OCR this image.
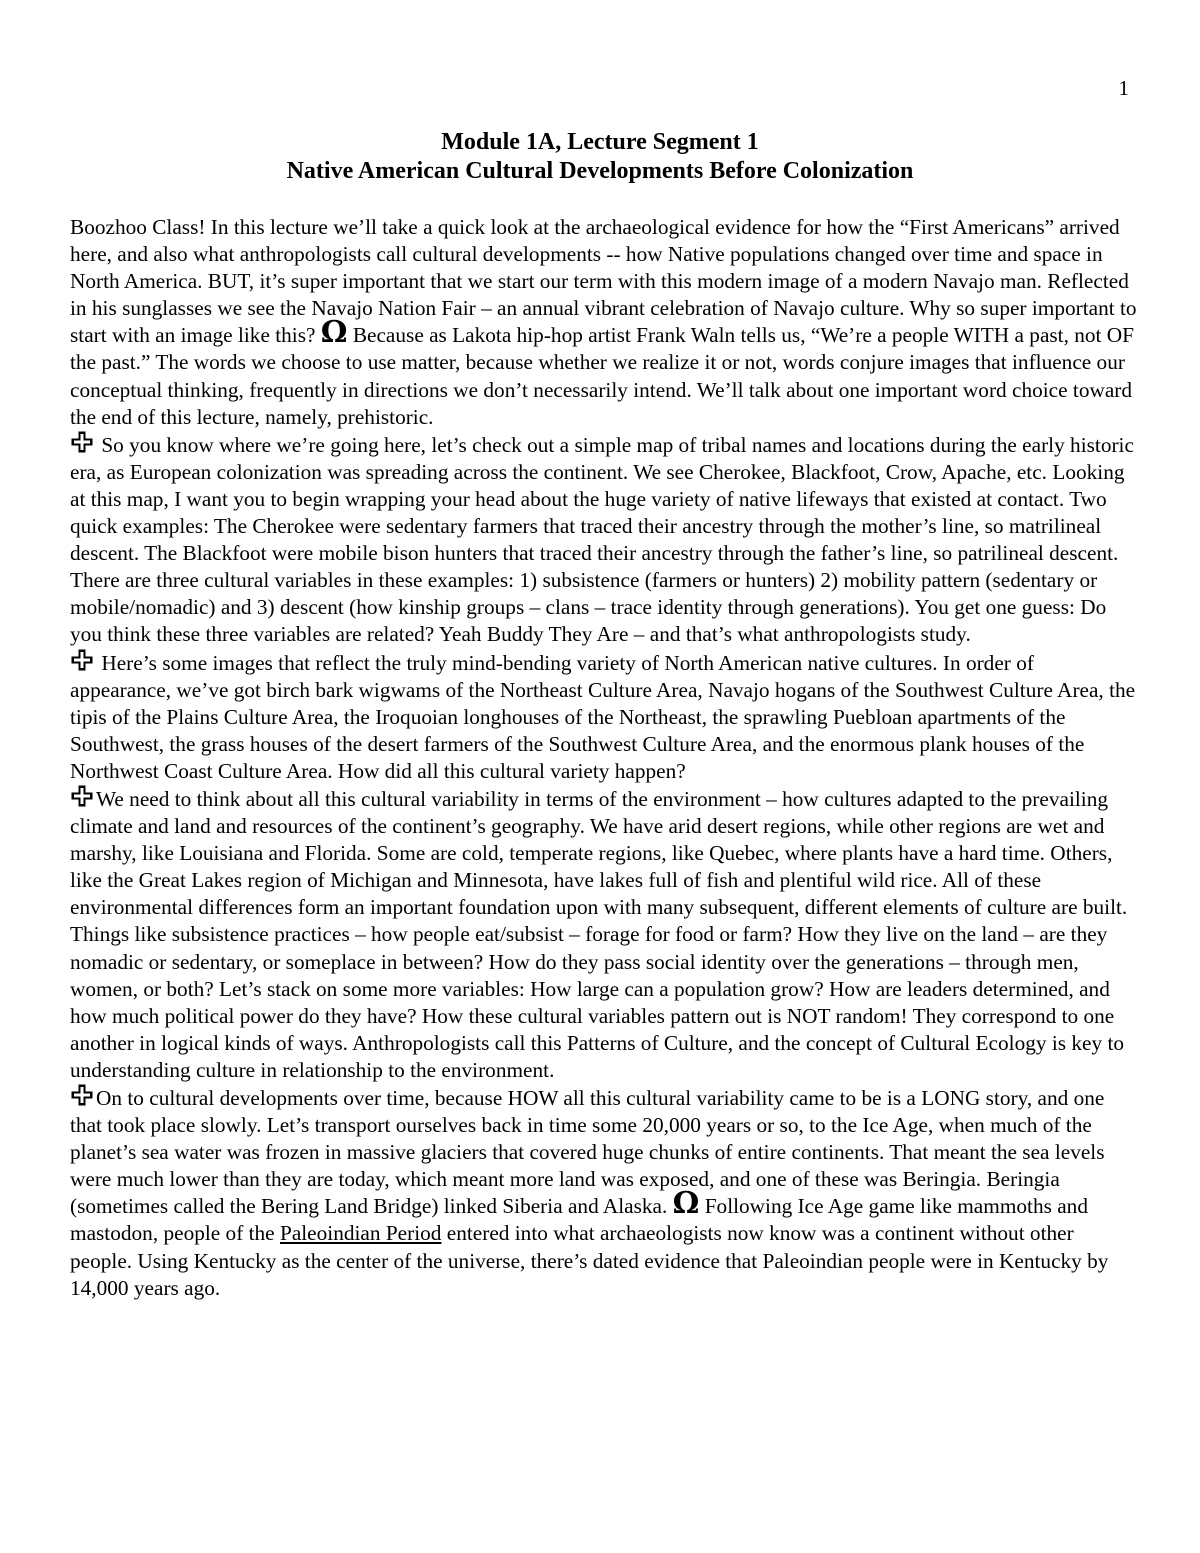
1
Module 1A, Lecture Segment 1
Native American Cultural Developments Before Colonization

Boozhoo Class! In this lecture we’ll take a quick look at the archaeological evidence for how the “First Americans” arrived here, and also what anthropologists call cultural developments -- how Native populations changed over time and space in North America. BUT, it’s super important that we start our term with this modern image of a modern Navajo man. Reflected in his sunglasses we see the Navajo Nation Fair – an annual vibrant celebration of Navajo culture. Why so super important to start with an image like this? Ω Because as Lakota hip-hop artist Frank Waln tells us, “We’re a people WITH a past, not OF the past.” The words we choose to use matter, because whether we realize it or not, words conjure images that influence our conceptual thinking, frequently in directions we don’t necessarily intend. We’ll talk about one important word choice toward the end of this lecture, namely, prehistoric.

So you know where we’re going here, let’s check out a simple map of tribal names and locations during the early historic era, as European colonization was spreading across the continent. We see Cherokee, Blackfoot, Crow, Apache, etc. Looking at this map, I want you to begin wrapping your head about the huge variety of native lifeways that existed at contact. Two quick examples: The Cherokee were sedentary farmers that traced their ancestry through the mother’s line, so matrilineal descent. The Blackfoot were mobile bison hunters that traced their ancestry through the father’s line, so patrilineal descent. There are three cultural variables in these examples: 1) subsistence (farmers or hunters) 2) mobility pattern (sedentary or mobile/nomadic) and 3) descent (how kinship groups – clans – trace identity through generations). You get one guess: Do you think these three variables are related? Yeah Buddy They Are – and that’s what anthropologists study.

Here’s some images that reflect the truly mind-bending variety of North American native cultures. In order of appearance, we’ve got birch bark wigwams of the Northeast Culture Area, Navajo hogans of the Southwest Culture Area, the tipis of the Plains Culture Area, the Iroquoian longhouses of the Northeast, the sprawling Puebloan apartments of the Southwest, the grass houses of the desert farmers of the Southwest Culture Area, and the enormous plank houses of the Northwest Coast Culture Area. How did all this cultural variety happen?

We need to think about all this cultural variability in terms of the environment – how cultures adapted to the prevailing climate and land and resources of the continent’s geography. We have arid desert regions, while other regions are wet and marshy, like Louisiana and Florida. Some are cold, temperate regions, like Quebec, where plants have a hard time. Others, like the Great Lakes region of Michigan and Minnesota, have lakes full of fish and plentiful wild rice. All of these environmental differences form an important foundation upon with many subsequent, different elements of culture are built. Things like subsistence practices – how people eat/subsist – forage for food or farm? How they live on the land – are they nomadic or sedentary, or someplace in between? How do they pass social identity over the generations – through men, women, or both? Let’s stack on some more variables: How large can a population grow? How are leaders determined, and how much political power do they have? How these cultural variables pattern out is NOT random! They correspond to one another in logical kinds of ways. Anthropologists call this Patterns of Culture, and the concept of Cultural Ecology is key to understanding culture in relationship to the environment.

On to cultural developments over time, because HOW all this cultural variability came to be is a LONG story, and one that took place slowly. Let’s transport ourselves back in time some 20,000 years or so, to the Ice Age, when much of the planet’s sea water was frozen in massive glaciers that covered huge chunks of entire continents. That meant the sea levels were much lower than they are today, which meant more land was exposed, and one of these was Beringia. Beringia (sometimes called the Bering Land Bridge) linked Siberia and Alaska. Ω Following Ice Age game like mammoths and mastodon, people of the Paleoindian Period entered into what archaeologists now know was a continent without other people. Using Kentucky as the center of the universe, there’s dated evidence that Paleoindian people were in Kentucky by 14,000 years ago.
